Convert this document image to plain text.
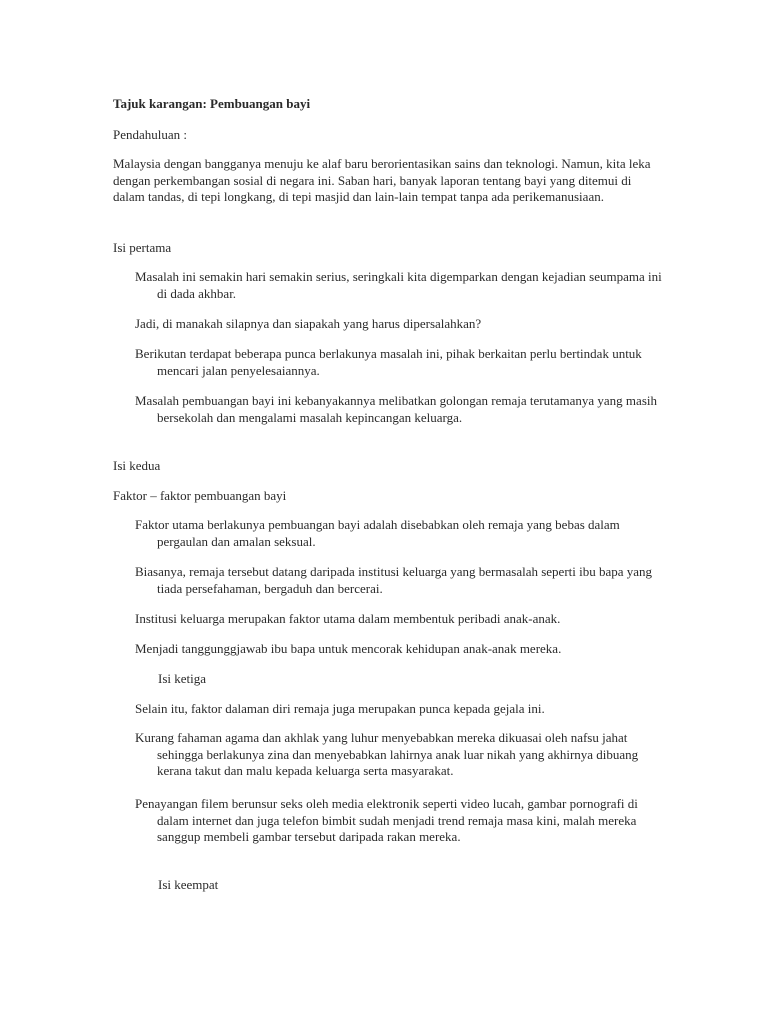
Tajuk karangan: Pembuangan bayi

Pendahuluan :

Malaysia dengan bangganya menuju ke alaf baru berorientasikan sains dan teknologi. Namun, kita leka dengan perkembangan sosial di negara ini. Saban hari, banyak laporan tentang bayi yang ditemui di dalam tandas, di tepi longkang, di tepi masjid dan lain-lain tempat tanpa ada perikemanusiaan.

Isi pertama

Masalah ini semakin hari semakin serius, seringkali kita digemparkan dengan kejadian seumpama ini di dada akhbar.

Jadi, di manakah silapnya dan siapakah yang harus dipersalahkan?

Berikutan terdapat beberapa punca berlakunya masalah ini, pihak berkaitan perlu bertindak untuk mencari jalan penyelesaiannya.

Masalah pembuangan bayi ini kebanyakannya melibatkan golongan remaja terutamanya yang masih bersekolah dan mengalami masalah kepincangan keluarga.

Isi kedua

Faktor – faktor pembuangan bayi

Faktor utama berlakunya pembuangan bayi adalah disebabkan oleh remaja yang bebas dalam pergaulan dan amalan seksual.

Biasanya, remaja tersebut datang daripada institusi keluarga yang bermasalah seperti ibu bapa yang tiada persefahaman, bergaduh dan bercerai.

Institusi keluarga merupakan faktor utama dalam membentuk peribadi anak-anak.

Menjadi tanggunggjawab ibu bapa untuk mencorak kehidupan anak-anak mereka.

Isi ketiga

Selain itu, faktor dalaman diri remaja juga merupakan punca kepada gejala ini.

Kurang fahaman agama dan akhlak yang luhur menyebabkan mereka dikuasai oleh nafsu jahat sehingga berlakunya zina dan menyebabkan lahirnya anak luar nikah yang akhirnya dibuang kerana takut dan malu kepada keluarga serta masyarakat.

Penayangan filem berunsur seks oleh media elektronik seperti video lucah, gambar pornografi di dalam internet dan juga telefon bimbit sudah menjadi trend remaja masa kini, malah mereka sanggup membeli gambar tersebut daripada rakan mereka.

Isi keempat
